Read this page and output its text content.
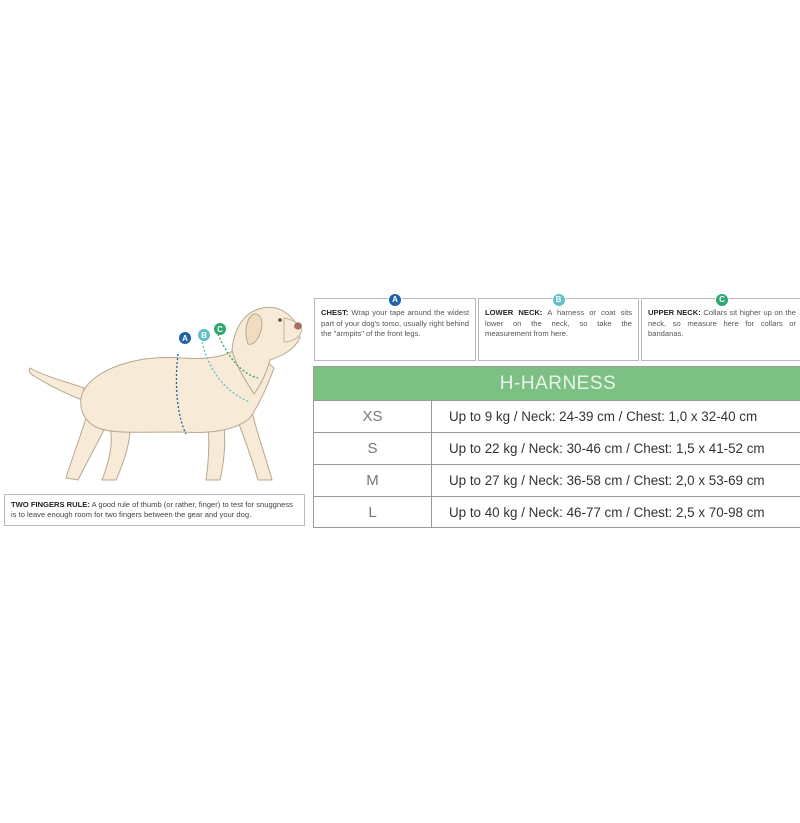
A B
C
TWO FINGERS RULE: A good rule of thumb (or rather, finger) to test for snuggness is to leave enough room for two fingers between the gear and your dog.
A
CHEST: Wrap your tape around the widest part of your dog's torso, usually right behind the "armpits" of the front legs.
B
LOWER NECK: A harness or coat sits lower on the neck, so take the measurement from here.
C
UPPER NECK: Collars sit higher up on the neck, so measure here for collars or bandanas.
H-HARNESS
XS	Up to 9 kg / Neck: 24-39 cm / Chest: 1,0 x 32-40 cm
S	Up to 22 kg / Neck: 30-46 cm / Chest: 1,5 x 41-52 cm
M	Up to 27 kg / Neck: 36-58 cm / Chest: 2,0 x 53-69 cm
L	Up to 40 kg / Neck: 46-77 cm / Chest: 2,5 x 70-98 cm
